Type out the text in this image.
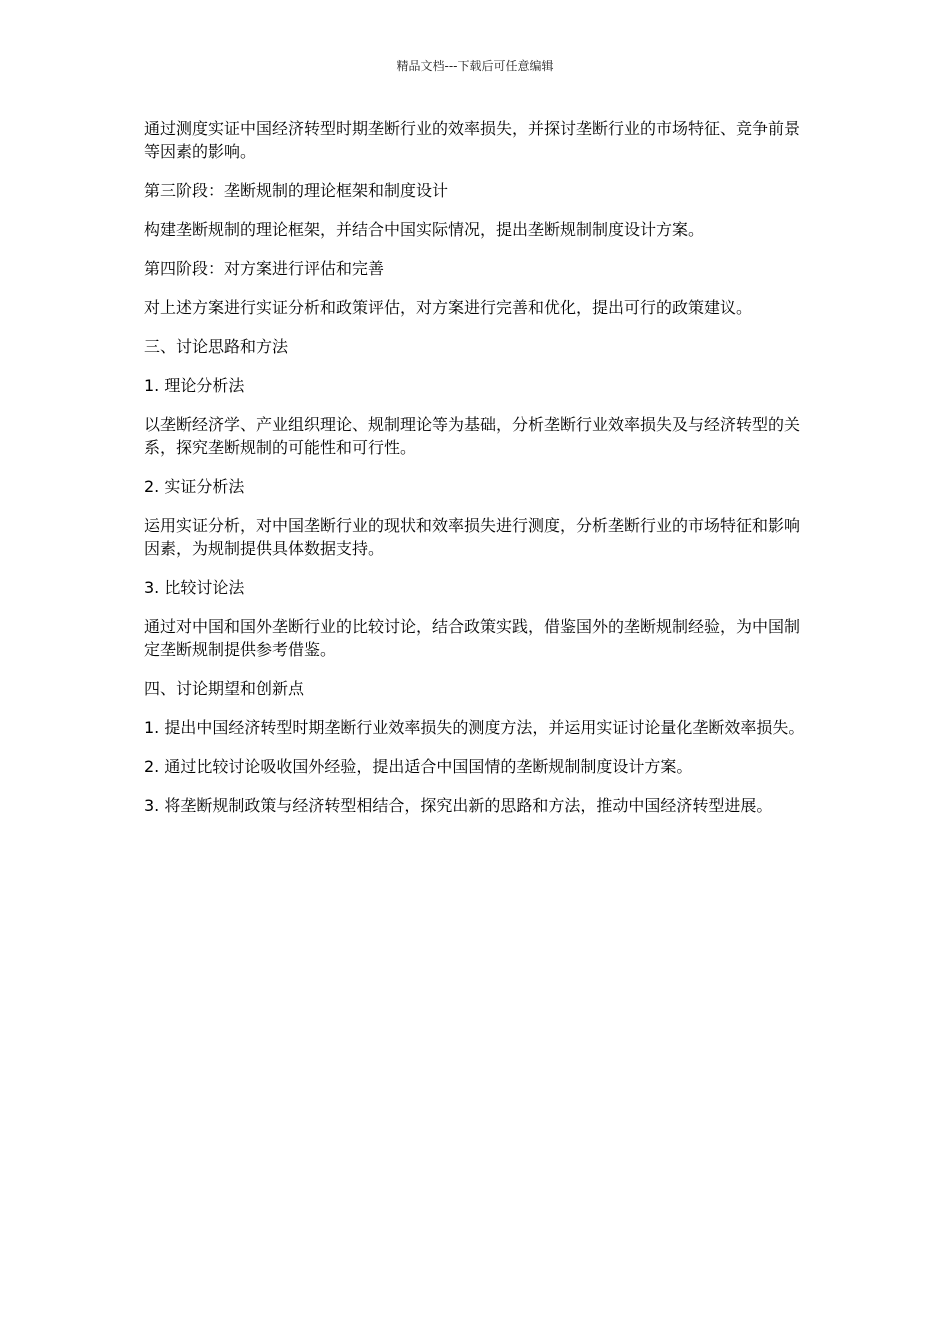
精品文档---下载后可任意编辑

通过测度实证中国经济转型时期垄断行业的效率损失，并探讨垄断行业的市场特征、竞争前景等因素的影响。

第三阶段：垄断规制的理论框架和制度设计

构建垄断规制的理论框架，并结合中国实际情况，提出垄断规制制度设计方案。

第四阶段：对方案进行评估和完善

对上述方案进行实证分析和政策评估，对方案进行完善和优化，提出可行的政策建议。

三、讨论思路和方法

1. 理论分析法

以垄断经济学、产业组织理论、规制理论等为基础，分析垄断行业效率损失及与经济转型的关系，探究垄断规制的可能性和可行性。

2. 实证分析法

运用实证分析，对中国垄断行业的现状和效率损失进行测度，分析垄断行业的市场特征和影响因素，为规制提供具体数据支持。

3. 比较讨论法

通过对中国和国外垄断行业的比较讨论，结合政策实践，借鉴国外的垄断规制经验，为中国制定垄断规制提供参考借鉴。

四、讨论期望和创新点

1. 提出中国经济转型时期垄断行业效率损失的测度方法，并运用实证讨论量化垄断效率损失。

2. 通过比较讨论吸收国外经验，提出适合中国国情的垄断规制制度设计方案。

3. 将垄断规制政策与经济转型相结合，探究出新的思路和方法，推动中国经济转型进展。
